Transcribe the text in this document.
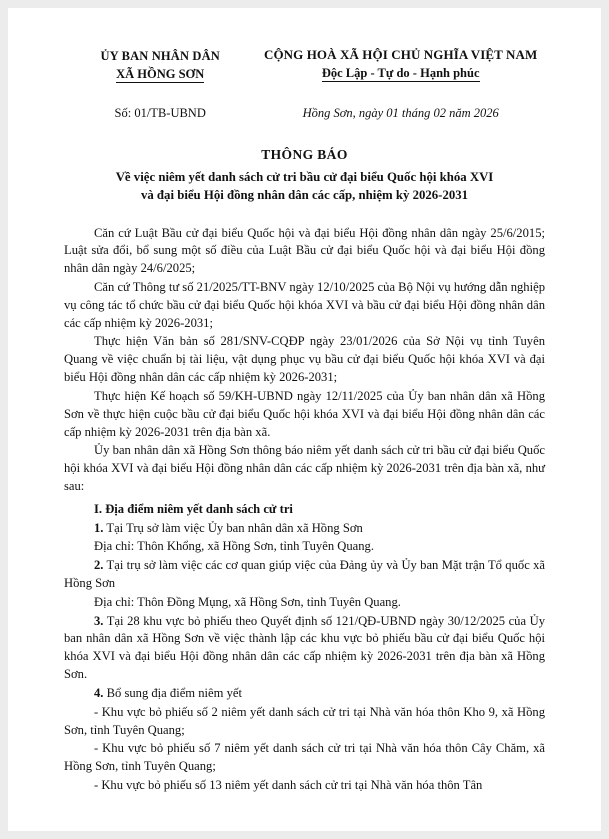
ỦY BAN NHÂN DÂN
XÃ HỒNG SƠN
CỘNG HOÀ XÃ HỘI CHỦ NGHĨA VIỆT NAM
Độc Lập - Tự do - Hạnh phúc
Số: 01/TB-UBND	Hồng Sơn, ngày 01 tháng 02 năm 2026
THÔNG BÁO
Về việc niêm yết danh sách cử tri bầu cử đại biểu Quốc hội khóa XVI
và đại biểu Hội đồng nhân dân các cấp, nhiệm kỳ 2026-2031

Căn cứ Luật Bầu cử đại biểu Quốc hội và đại biểu Hội đồng nhân dân ngày 25/6/2015; Luật sửa đổi, bổ sung một số điều của Luật Bầu cử đại biểu Quốc hội và đại biểu Hội đồng nhân dân ngày 24/6/2025;

Căn cứ Thông tư số 21/2025/TT-BNV ngày 12/10/2025 của Bộ Nội vụ hướng dẫn nghiệp vụ công tác tổ chức bầu cử đại biểu Quốc hội khóa XVI và bầu cử đại biểu Hội đồng nhân dân các cấp nhiệm kỳ 2026-2031;

Thực hiện Văn bản số 281/SNV-CQĐP ngày 23/01/2026 của Sở Nội vụ tỉnh Tuyên Quang về việc chuẩn bị tài liệu, vật dụng phục vụ bầu cử đại biểu Quốc hội khóa XVI và đại biểu Hội đồng nhân dân các cấp nhiệm kỳ 2026-2031;

Thực hiện Kế hoạch số 59/KH-UBND ngày 12/11/2025 của Ủy ban nhân dân xã Hồng Sơn về thực hiện cuộc bầu cử đại biểu Quốc hội khóa XVI và đại biểu Hội đồng nhân dân các cấp nhiệm kỳ 2026-2031 trên địa bàn xã.

Ủy ban nhân dân xã Hồng Sơn thông báo niêm yết danh sách cử tri bầu cử đại biểu Quốc hội khóa XVI và đại biểu Hội đồng nhân dân các cấp nhiệm kỳ 2026-2031 trên địa bàn xã, như sau:

I. Địa điểm niêm yết danh sách cử tri

1. Tại Trụ sở làm việc Ủy ban nhân dân xã Hồng Sơn

Địa chỉ: Thôn Khổng, xã Hồng Sơn, tỉnh Tuyên Quang.

2. Tại trụ sở làm việc các cơ quan giúp việc của Đảng ủy và Ủy ban Mặt trận Tổ quốc xã Hồng Sơn

Địa chỉ: Thôn Đồng Mụng, xã Hồng Sơn, tỉnh Tuyên Quang.

3. Tại 28 khu vực bỏ phiếu theo Quyết định số 121/QĐ-UBND ngày 30/12/2025 của Ủy ban nhân dân xã Hồng Sơn về việc thành lập các khu vực bỏ phiếu bầu cử đại biểu Quốc hội khóa XVI và đại biểu Hội đồng nhân dân các cấp nhiệm kỳ 2026-2031 trên địa bàn xã Hồng Sơn.

4. Bổ sung địa điểm niêm yết

- Khu vực bỏ phiếu số 2 niêm yết danh sách cử tri tại Nhà văn hóa thôn Kho 9, xã Hồng Sơn, tỉnh Tuyên Quang;

- Khu vực bỏ phiếu số 7 niêm yết danh sách cử tri tại Nhà văn hóa thôn Cây Chăm, xã Hồng Sơn, tỉnh Tuyên Quang;

- Khu vực bỏ phiếu số 13 niêm yết danh sách cử tri tại Nhà văn hóa thôn Tân
